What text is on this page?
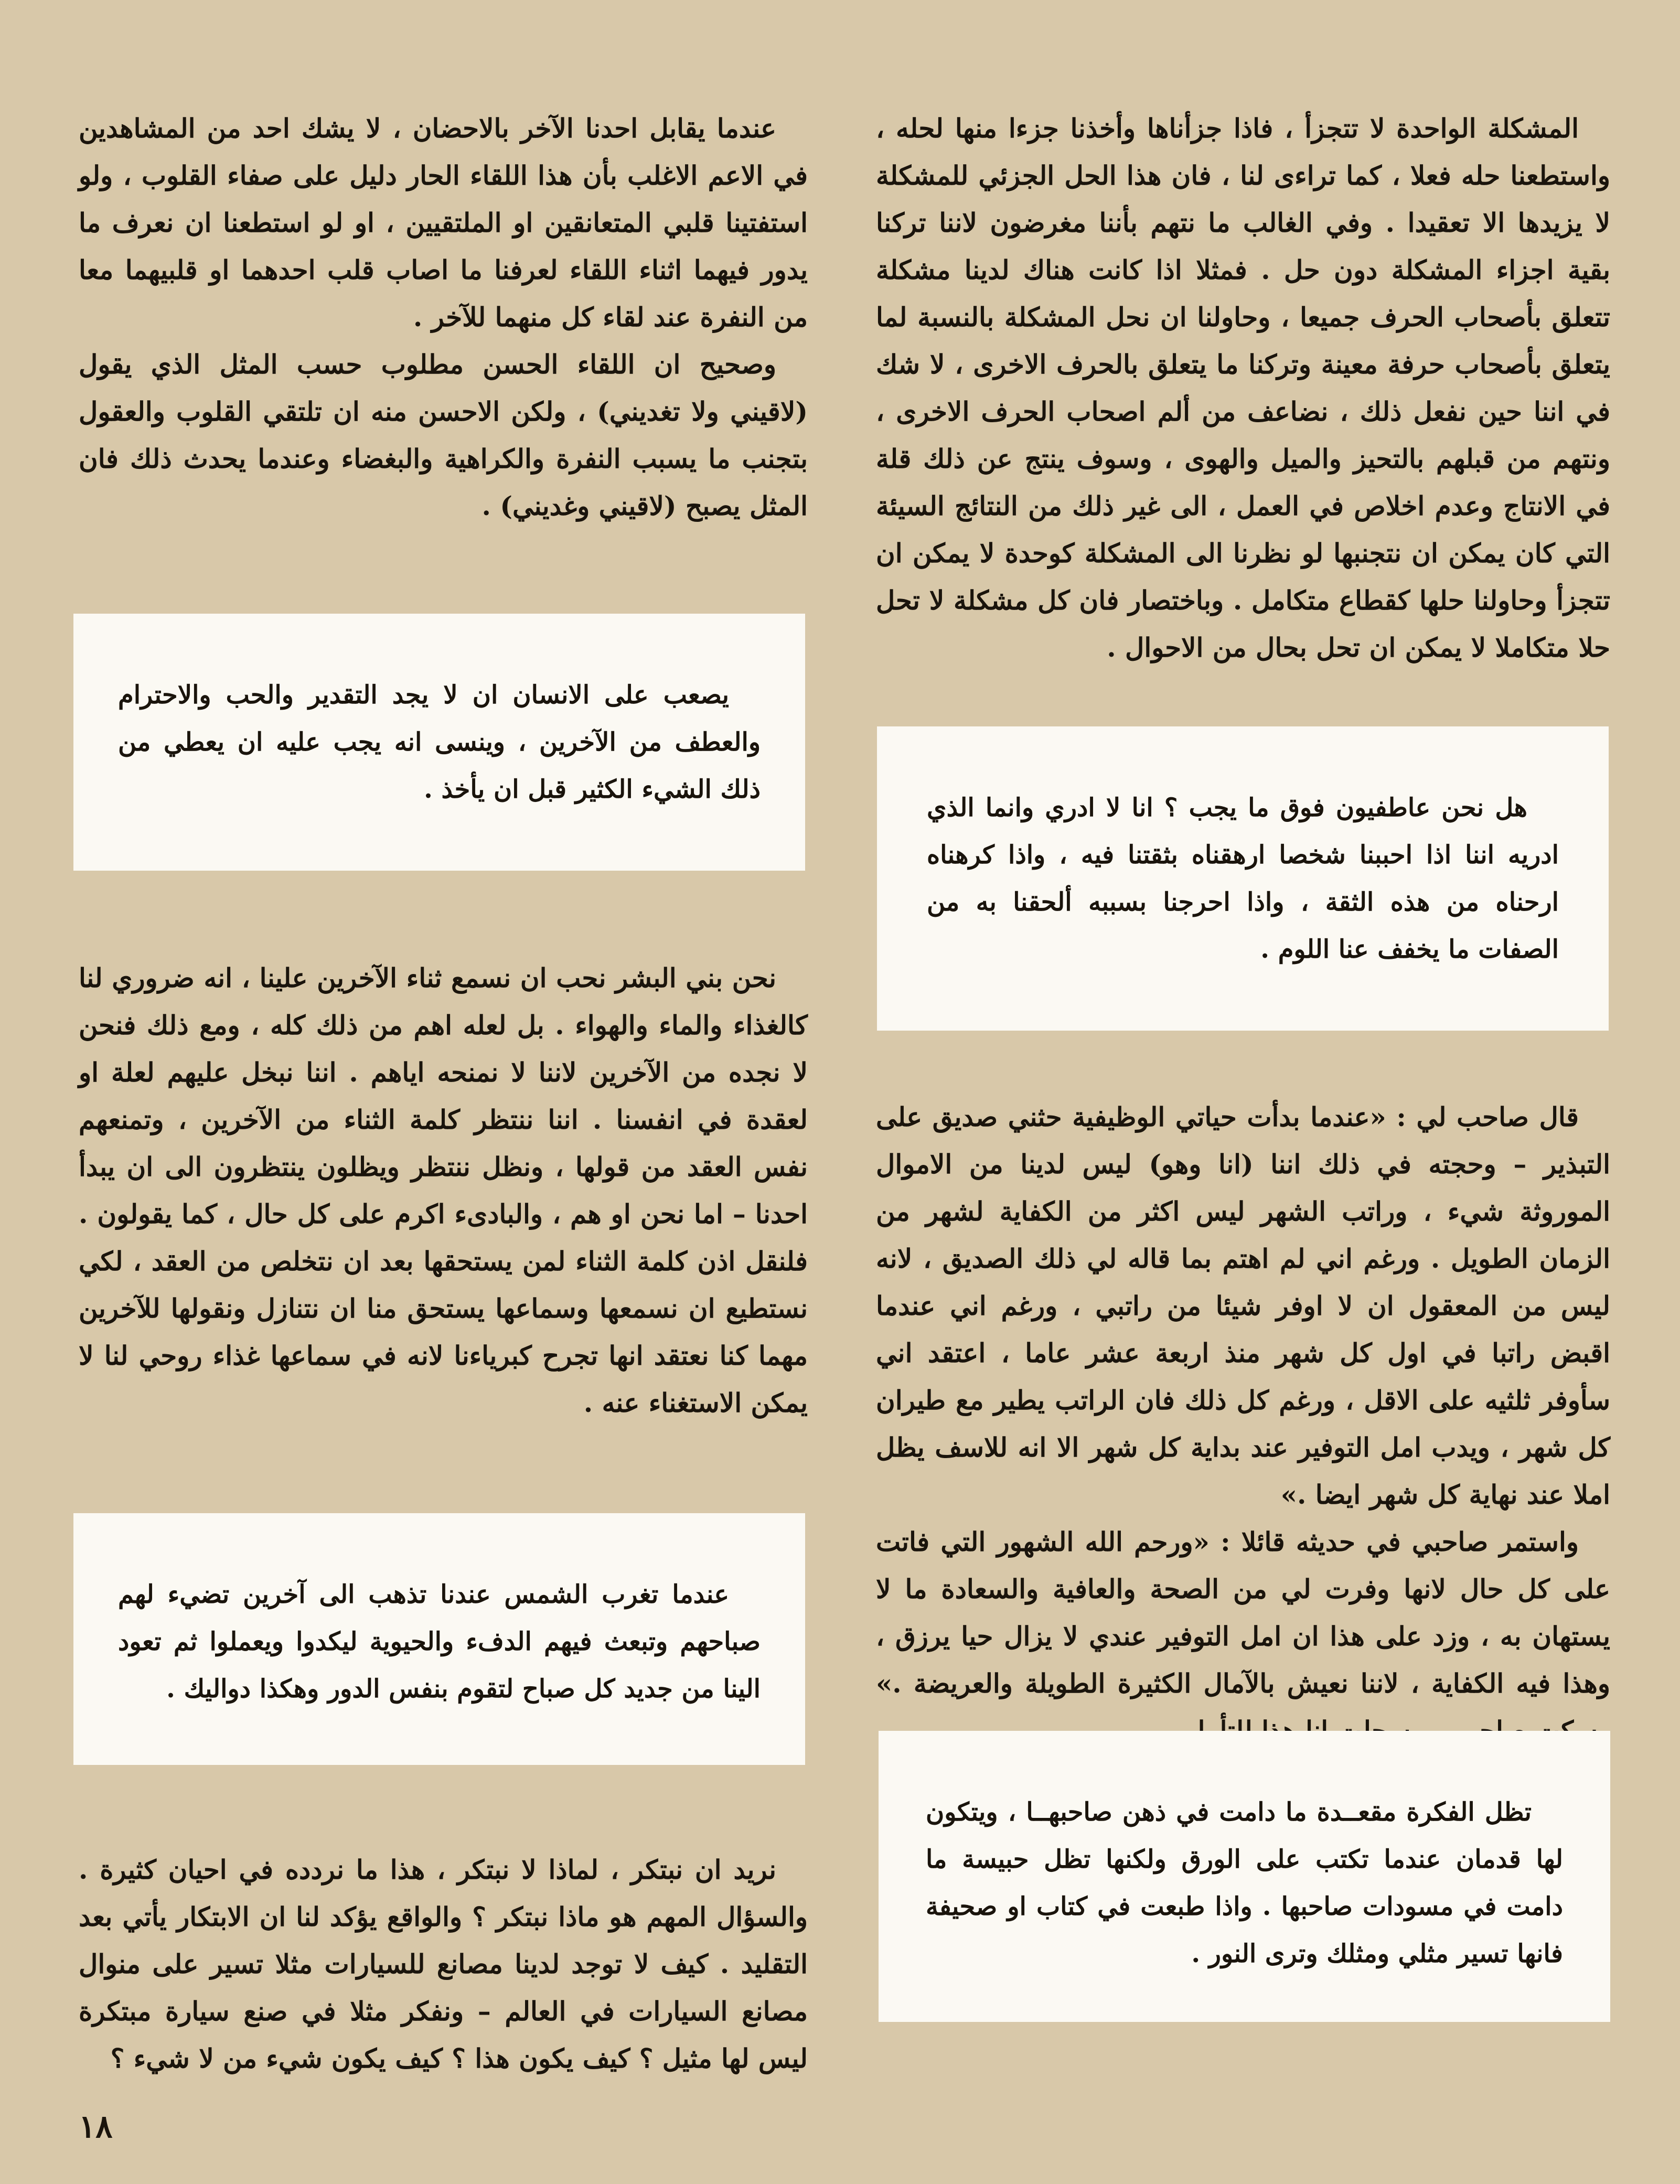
المشكلة الواحدة لا تتجزأ ، فاذا جزأناها وأخذنا جزءا منها لحله ، واستطعنا حله فعلا ، كما تراءى لنا ، فان هذا الحل الجزئي للمشكلة لا يزيدها الا تعقيدا . وفي الغالب ما نتهم بأننا مغرضون لاننا تركنا بقية اجزاء المشكلة دون حل . فمثلا اذا كانت هناك لدينا مشكلة تتعلق بأصحاب الحرف جميعا ، وحاولنا ان نحل المشكلة بالنسبة لما يتعلق بأصحاب حرفة معينة وتركنا ما يتعلق بالحرف الاخرى ، لا شك في اننا حين نفعل ذلك ، نضاعف من ألم اصحاب الحرف الاخرى ، ونتهم من قبلهم بالتحيز والميل والهوى ، وسوف ينتج عن ذلك قلة في الانتاج وعدم اخلاص في العمل ، الى غير ذلك من النتائج السيئة التي كان يمكن ان نتجنبها لو نظرنا الى المشكلة كوحدة لا يمكن ان تتجزأ وحاولنا حلها كقطاع متكامل . وباختصار فان كل مشكلة لا تحل حلا متكاملا لا يمكن ان تحل بحال من الاحوال .

هل نحن عاطفيون فوق ما يجب ؟ انا لا ادري وانما الذي ادريه اننا اذا احببنا شخصا ارهقناه بثقتنا فيه ، واذا كرهناه ارحناه من هذه الثقة ، واذا احرجنا بسببه ألحقنا به من الصفات ما يخفف عنا اللوم .

قال صاحب لي : «عندما بدأت حياتي الوظيفية حثني صديق على التبذير – وحجته في ذلك اننا (انا وهو) ليس لدينا من الاموال الموروثة شيء ، وراتب الشهر ليس اكثر من الكفاية لشهر من الزمان الطويل . ورغم اني لم اهتم بما قاله لي ذلك الصديق ، لانه ليس من المعقول ان لا اوفر شيئا من راتبي ، ورغم اني عندما اقبض راتبا في اول كل شهر منذ اربعة عشر عاما ، اعتقد اني سأوفر ثلثيه على الاقل ، ورغم كل ذلك فان الراتب يطير مع طيران كل شهر ، ويدب امل التوفير عند بداية كل شهر الا انه للاسف يظل املا عند نهاية كل شهر ايضا .»

واستمر صاحبي في حديثه قائلا : «ورحم الله الشهور التي فاتت على كل حال لانها وفرت لي من الصحة والعافية والسعادة ما لا يستهان به ، وزد على هذا ان امل التوفير عندي لا يزال حيا يرزق ، وهذا فيه الكفاية ، لاننا نعيش بالآمال الكثيرة الطويلة والعريضة .»

تظل الفكرة مقعــدة ما دامت في ذهن صاحبهــا ، ويتكون لها قدمان عندما تكتب على الورق ولكنها تظل حبيسة ما دامت في مسودات صاحبها . واذا طبعت في كتاب او صحيفة فانها تسير مثلي ومثلك وترى النور .

عندما يقابل احدنا الآخر بالاحضان ، لا يشك احد من المشاهدين في الاعم الاغلب بأن هذا اللقاء الحار دليل على صفاء القلوب ، ولو استفتينا قلبي المتعانقين او الملتقيين ، او لو استطعنا ان نعرف ما يدور فيهما اثناء اللقاء لعرفنا ما اصاب قلب احدهما او قلبيهما معا من النفرة عند لقاء كل منهما للآخر .

وصحيح ان اللقاء الحسن مطلوب حسب المثل الذي يقول (لاقيني ولا تغديني) ، ولكن الاحسن منه ان تلتقي القلوب والعقول بتجنب ما يسبب النفرة والكراهية والبغضاء وعندما يحدث ذلك فان المثل يصبح (لاقيني وغديني) .

يصعب على الانسان ان لا يجد التقدير والحب والاحترام والعطف من الآخرين ، وينسى انه يجب عليه ان يعطي من ذلك الشيء الكثير قبل ان يأخذ .

نحن بني البشر نحب ان نسمع ثناء الآخرين علينا ، انه ضروري لنا كالغذاء والماء والهواء . بل لعله اهم من ذلك كله ، ومع ذلك فنحن لا نجده من الآخرين لاننا لا نمنحه اياهم . اننا نبخل عليهم لعلة او لعقدة في انفسنا . اننا ننتظر كلمة الثناء من الآخرين ، وتمنعهم نفس العقد من قولها ، ونظل ننتظر ويظلون ينتظرون الى ان يبدأ احدنا – اما نحن او هم ، والبادىء اكرم على كل حال ، كما يقولون . فلنقل اذن كلمة الثناء لمن يستحقها بعد ان نتخلص من العقد ، لكي نستطيع ان نسمعها وسماعها يستحق منا ان نتنازل ونقولها للآخرين مهما كنا نعتقد انها تجرح كبرياءنا لانه في سماعها غذاء روحي لنا لا يمكن الاستغناء عنه .

عندما تغرب الشمس عندنا تذهب الى آخرين تضيء لهم صباحهم وتبعث فيهم الدفء والحيوية ليكدوا ويعملوا ثم تعود الينا من جديد كل صباح لتقوم بنفس الدور وهكذا دواليك .

نريد ان نبتكر ، لماذا لا نبتكر ، هذا ما نردده في احيان كثيرة . والسؤال المهم هو ماذا نبتكر ؟ والواقع يؤكد لنا ان الابتكار يأتي بعد التقليد . كيف لا توجد لدينا مصانع للسيارات مثلا تسير على منوال مصانع السيارات في العالم – ونفكر مثلا في صنع سيارة مبتكرة ليس لها مثيل ؟ كيف يكون هذا ؟ كيف يكون شيء من لا شيء ؟

١٨
